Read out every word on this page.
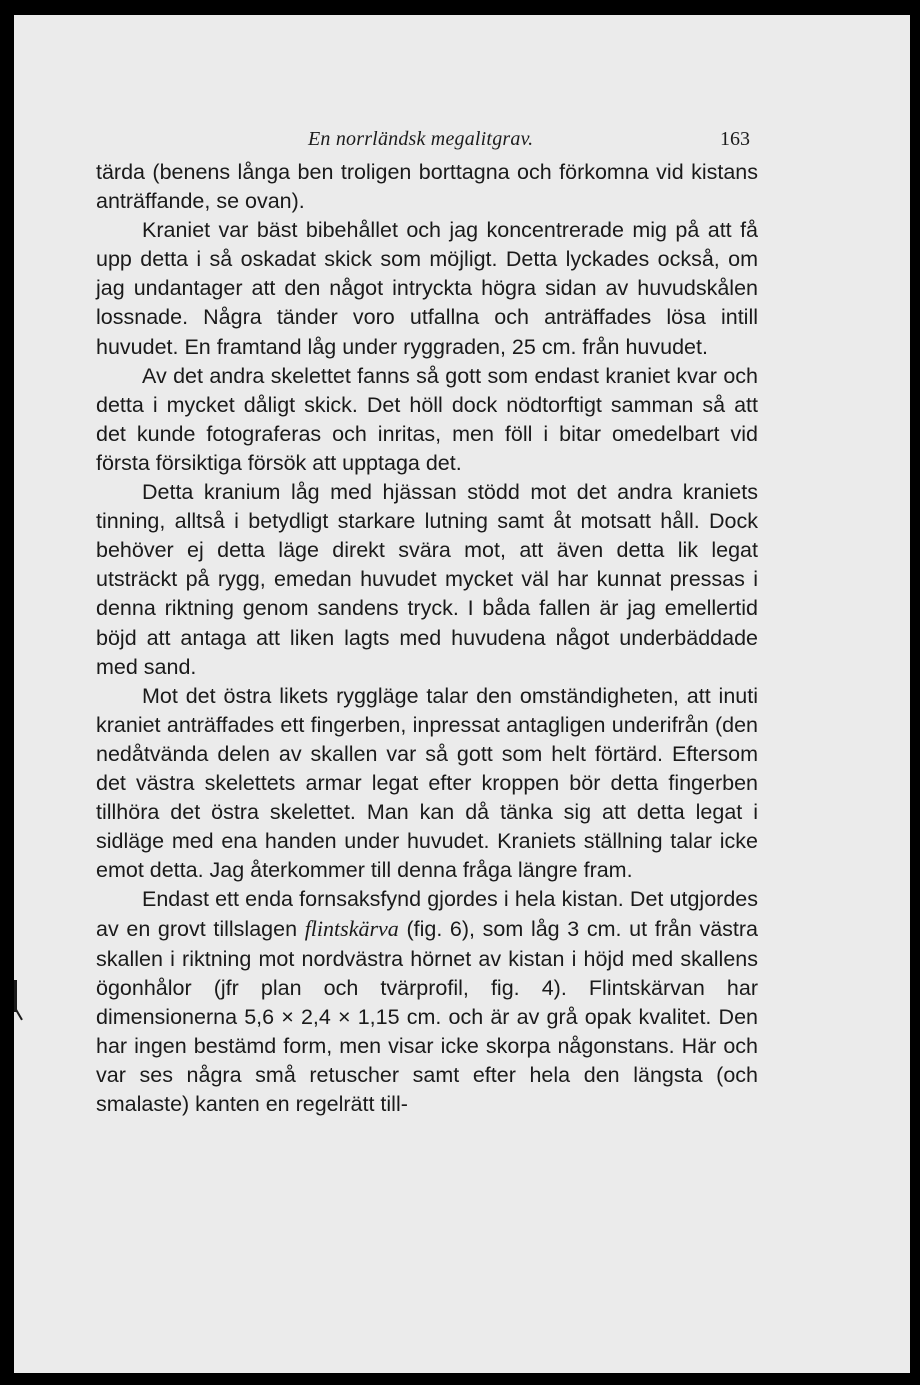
En norrländsk megalitgrav.	163

tärda (benens långa ben troligen borttagna och förkomna vid kistans anträffande, se ovan).

Kraniet var bäst bibehållet och jag koncentrerade mig på att få upp detta i så oskadat skick som möjligt. Detta lyckades också, om jag undantager att den något intryckta högra sidan av huvudskålen lossnade. Några tänder voro utfallna och anträffades lösa intill huvudet. En framtand låg under ryggraden, 25 cm. från huvudet.

Av det andra skelettet fanns så gott som endast kraniet kvar och detta i mycket dåligt skick. Det höll dock nödtorftigt samman så att det kunde fotograferas och inritas, men föll i bitar omedelbart vid första försiktiga försök att upptaga det.

Detta kranium låg med hjässan stödd mot det andra kraniets tinning, alltså i betydligt starkare lutning samt åt motsatt håll. Dock behöver ej detta läge direkt svära mot, att även detta lik legat utsträckt på rygg, emedan huvudet mycket väl har kunnat pressas i denna riktning genom sandens tryck. I båda fallen är jag emellertid böjd att antaga att liken lagts med huvudena något underbäddade med sand.

Mot det östra likets ryggläge talar den omständigheten, att inuti kraniet anträffades ett fingerben, inpressat antagligen underifrån (den nedåtvända delen av skallen var så gott som helt förtärd. Eftersom det västra skelettets armar legat efter kroppen bör detta fingerben tillhöra det östra skelettet. Man kan då tänka sig att detta legat i sidläge med ena handen under huvudet. Kraniets ställning talar icke emot detta. Jag återkommer till denna fråga längre fram.

Endast ett enda fornsaksfynd gjordes i hela kistan. Det utgjordes av en grovt tillslagen flintskärva (fig. 6), som låg 3 cm. ut från västra skallen i riktning mot nordvästra hörnet av kistan i höjd med skallens ögonhålor (jfr plan och tvärprofil, fig. 4). Flintskärvan har dimensionerna 5,6 × 2,4 × 1,15 cm. och är av grå opak kvalitet. Den har ingen bestämd form, men visar icke skorpa någonstans. Här och var ses några små retuscher samt efter hela den längsta (och smalaste) kanten en regelrätt till-
